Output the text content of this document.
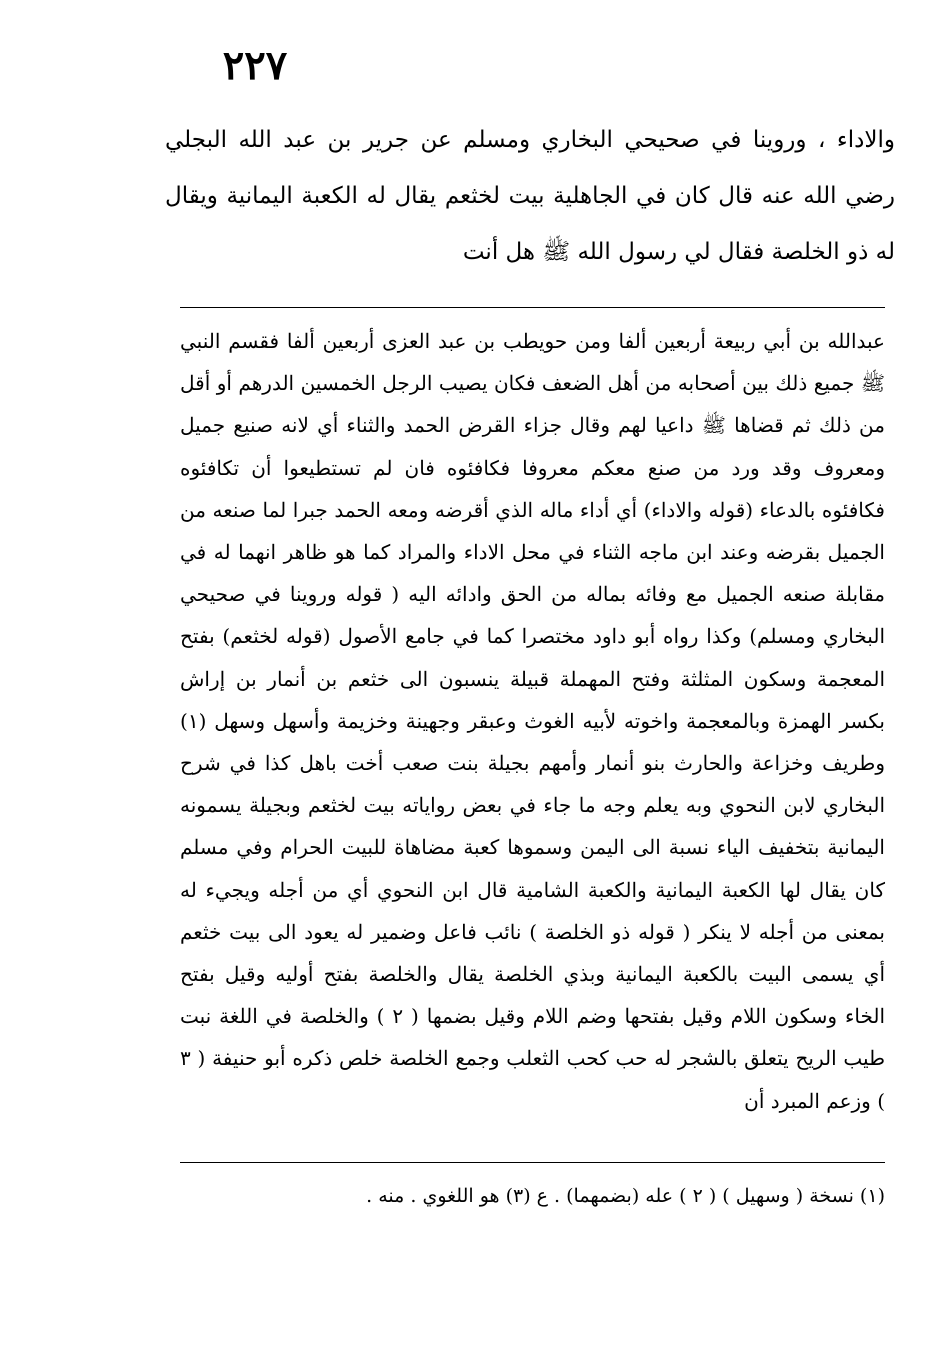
٢٢٧

والاداء ، وروينا في صحيحي البخاري ومسلم عن جرير بن عبد الله البجلي رضي الله عنه قال كان في الجاهلية بيت لخثعم يقال له الكعبة اليمانية ويقال له ذو الخلصة فقال لي رسول الله ﷺ هل أنت

عبدالله بن أبي ربيعة أربعين ألفا ومن حويطب بن عبد العزى أربعين ألفا فقسم النبي ﷺ جميع ذلك بين أصحابه من أهل الضعف فكان يصيب الرجل الخمسين الدرهم أو أقل من ذلك ثم قضاها ﷺ داعيا لهم وقال جزاء القرض الحمد والثناء أي لانه صنيع جميل ومعروف وقد ورد من صنع معكم معروفا فكافئوه فان لم تستطيعوا أن تكافئوه فكافئوه بالدعاء (قوله والاداء) أي أداء ماله الذي أقرضه ومعه الحمد جبرا لما صنعه من الجميل بقرضه وعند ابن ماجه الثناء في محل الاداء والمراد كما هو ظاهر انهما له في مقابلة صنعه الجميل مع وفائه بماله من الحق وادائه اليه ( قوله وروينا في صحيحي البخاري ومسلم) وكذا رواه أبو داود مختصرا كما في جامع الأصول (قوله لخثعم) بفتح المعجمة وسكون المثلثة وفتح المهملة قبيلة ينسبون الى خثعم بن أنمار بن إراش بكسر الهمزة وبالمعجمة واخوته لأبيه الغوث وعبقر وجهينة وخزيمة وأسهل وسهل (١) وطريف وخزاعة والحارث بنو أنمار وأمهم بجيلة بنت صعب أخت باهل كذا في شرح البخاري لابن النحوي وبه يعلم وجه ما جاء في بعض رواياته بيت لخثعم وبجيلة يسمونه اليمانية بتخفيف الياء نسبة الى اليمن وسموها كعبة مضاهاة للبيت الحرام وفي مسلم كان يقال لها الكعبة اليمانية والكعبة الشامية قال ابن النحوي أي من أجله ويجيء له بمعنى من أجله لا ينكر ( قوله ذو الخلصة ) نائب فاعل وضمير له يعود الى بيت خثعم أي يسمى البيت بالكعبة اليمانية وبذي الخلصة يقال والخلصة بفتح أوليه وقيل بفتح الخاء وسكون اللام وقيل بفتحها وضم اللام وقيل بضمها ( ٢ ) والخلصة في اللغة نبت طيب الريح يتعلق بالشجر له حب كحب الثعلب وجمع الخلصة خلص ذكره أبو حنيفة ( ٣ ) وزعم المبرد أن

(١) نسخة ( وسهيل ) ( ٢ ) عله (بضمهما) . ع (٣) هو اللغوي . منه .
